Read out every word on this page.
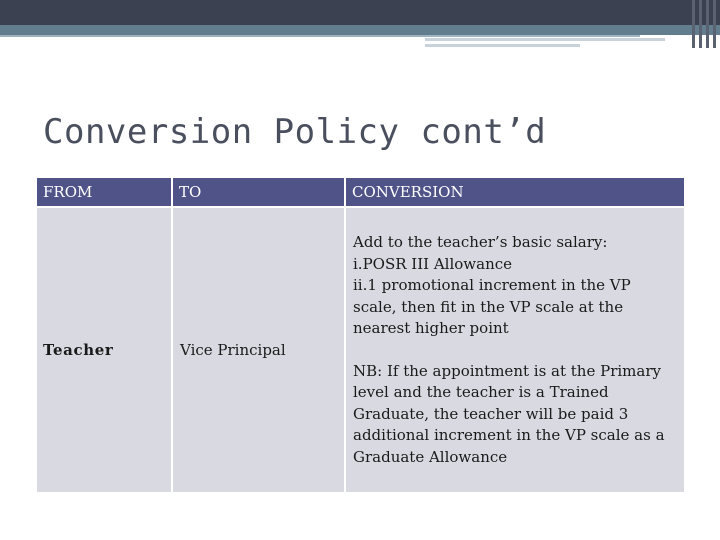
Conversion Policy cont’d
FROM	TO	CONVERSION
Teacher	Vice Principal	Add to the teacher’s basic salary:
i.POSR III Allowance
ii.1 promotional increment in the VP scale, then fit in the VP scale at the nearest higher point
NB: If the appointment is at the Primary level and the teacher is a Trained Graduate, the teacher will be paid 3 additional increment in the VP scale as a Graduate Allowance
